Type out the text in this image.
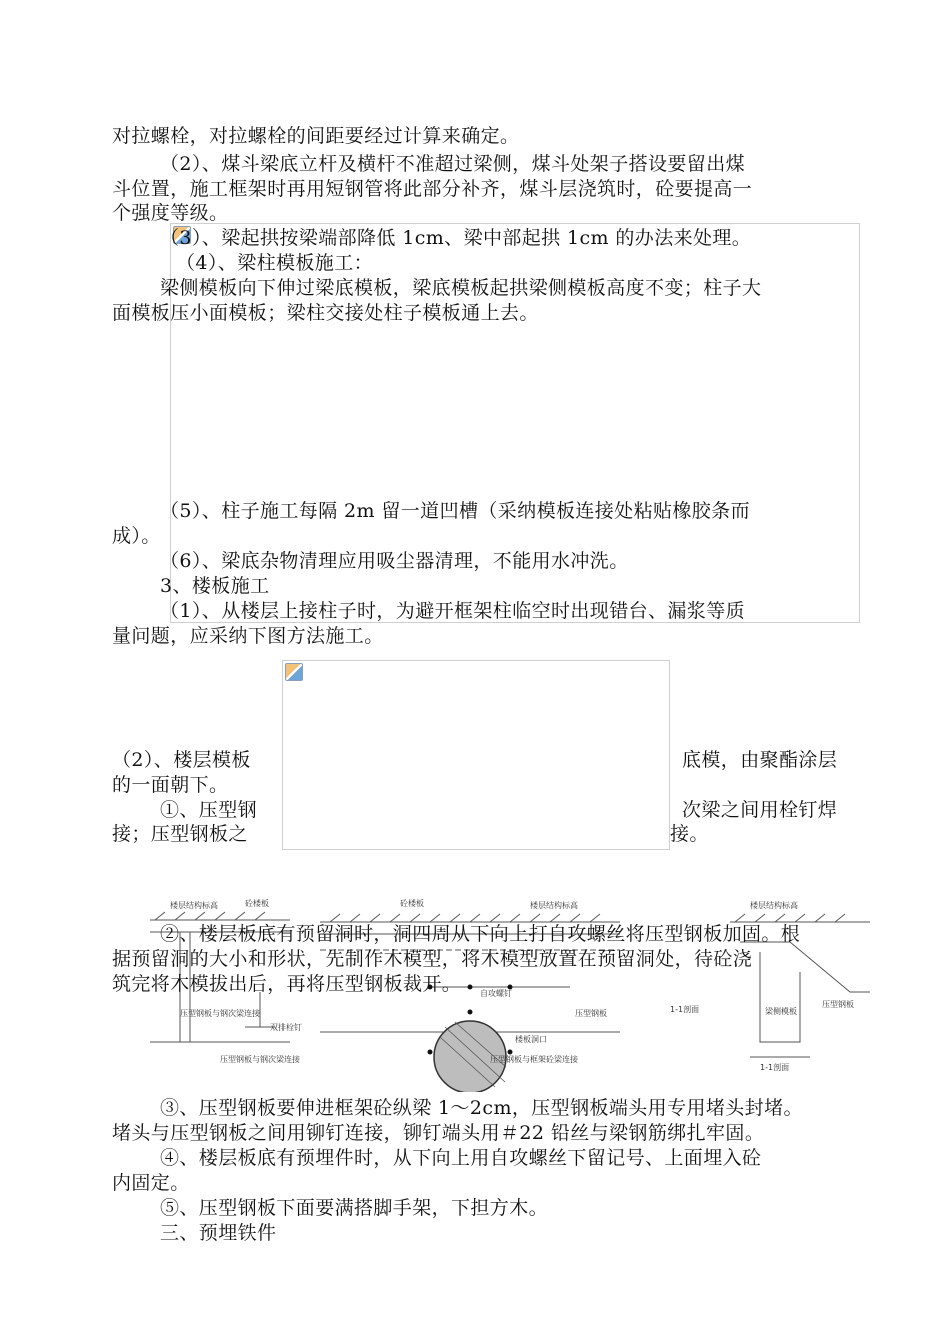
对拉螺栓，对拉螺栓的间距要经过计算来确定。
（2）、煤斗梁底立杆及横杆不准超过梁侧，煤斗处架子搭设要留出煤
斗位置，施工框架时再用短钢管将此部分补齐，煤斗层浇筑时，砼要提高一
个强度等级。
（3）、梁起拱按梁端部降低 1cm、梁中部起拱 1cm 的办法来处理。
（4）、梁柱模板施工：
梁侧模板向下伸过梁底模板，梁底模板起拱梁侧模板高度不变；柱子大
面模板压小面模板；梁柱交接处柱子模板通上去。
（5）、柱子施工每隔 2m 留一道凹槽（采纳模板连接处粘贴橡胶条而
成）。
（6）、梁底杂物清理应用吸尘器清理，不能用水冲洗。
3、楼板施工
（1）、从楼层上接柱子时，为避开框架柱临空时出现错台、漏浆等质
量问题，应采纳下图方法施工。
（2）、楼层模板	底模，由聚酯涂层
的一面朝下。
①、压型钢	次梁之间用栓钉焊
接；压型钢板之	接。
楼层结构标高	砼楼板
压型钢板与钢次梁连接
双排栓钉
压型钢板与钢次梁连接
砼楼板	楼层结构标高
自攻螺钉
压型钢板
楼板洞口
压型钢板与框架砼梁连接
楼层结构标高
1-1剖面	梁侧模板
压型钢板
1-1剖面
②、楼层板底有预留洞时，洞四周从下向上打自攻螺丝将压型钢板加固。根
据预留洞的大小和形状，先制作木模型，将木模型放置在预留洞处，待砼浇
筑完将木模拔出后，再将压型钢板裁开。
③、压型钢板要伸进框架砼纵梁 1～2cm，压型钢板端头用专用堵头封堵。
堵头与压型钢板之间用铆钉连接，铆钉端头用＃22 铅丝与梁钢筋绑扎牢固。
④、楼层板底有预埋件时，从下向上用自攻螺丝下留记号、上面埋入砼
内固定。
⑤、压型钢板下面要满搭脚手架，下担方木。
三、预埋铁件
